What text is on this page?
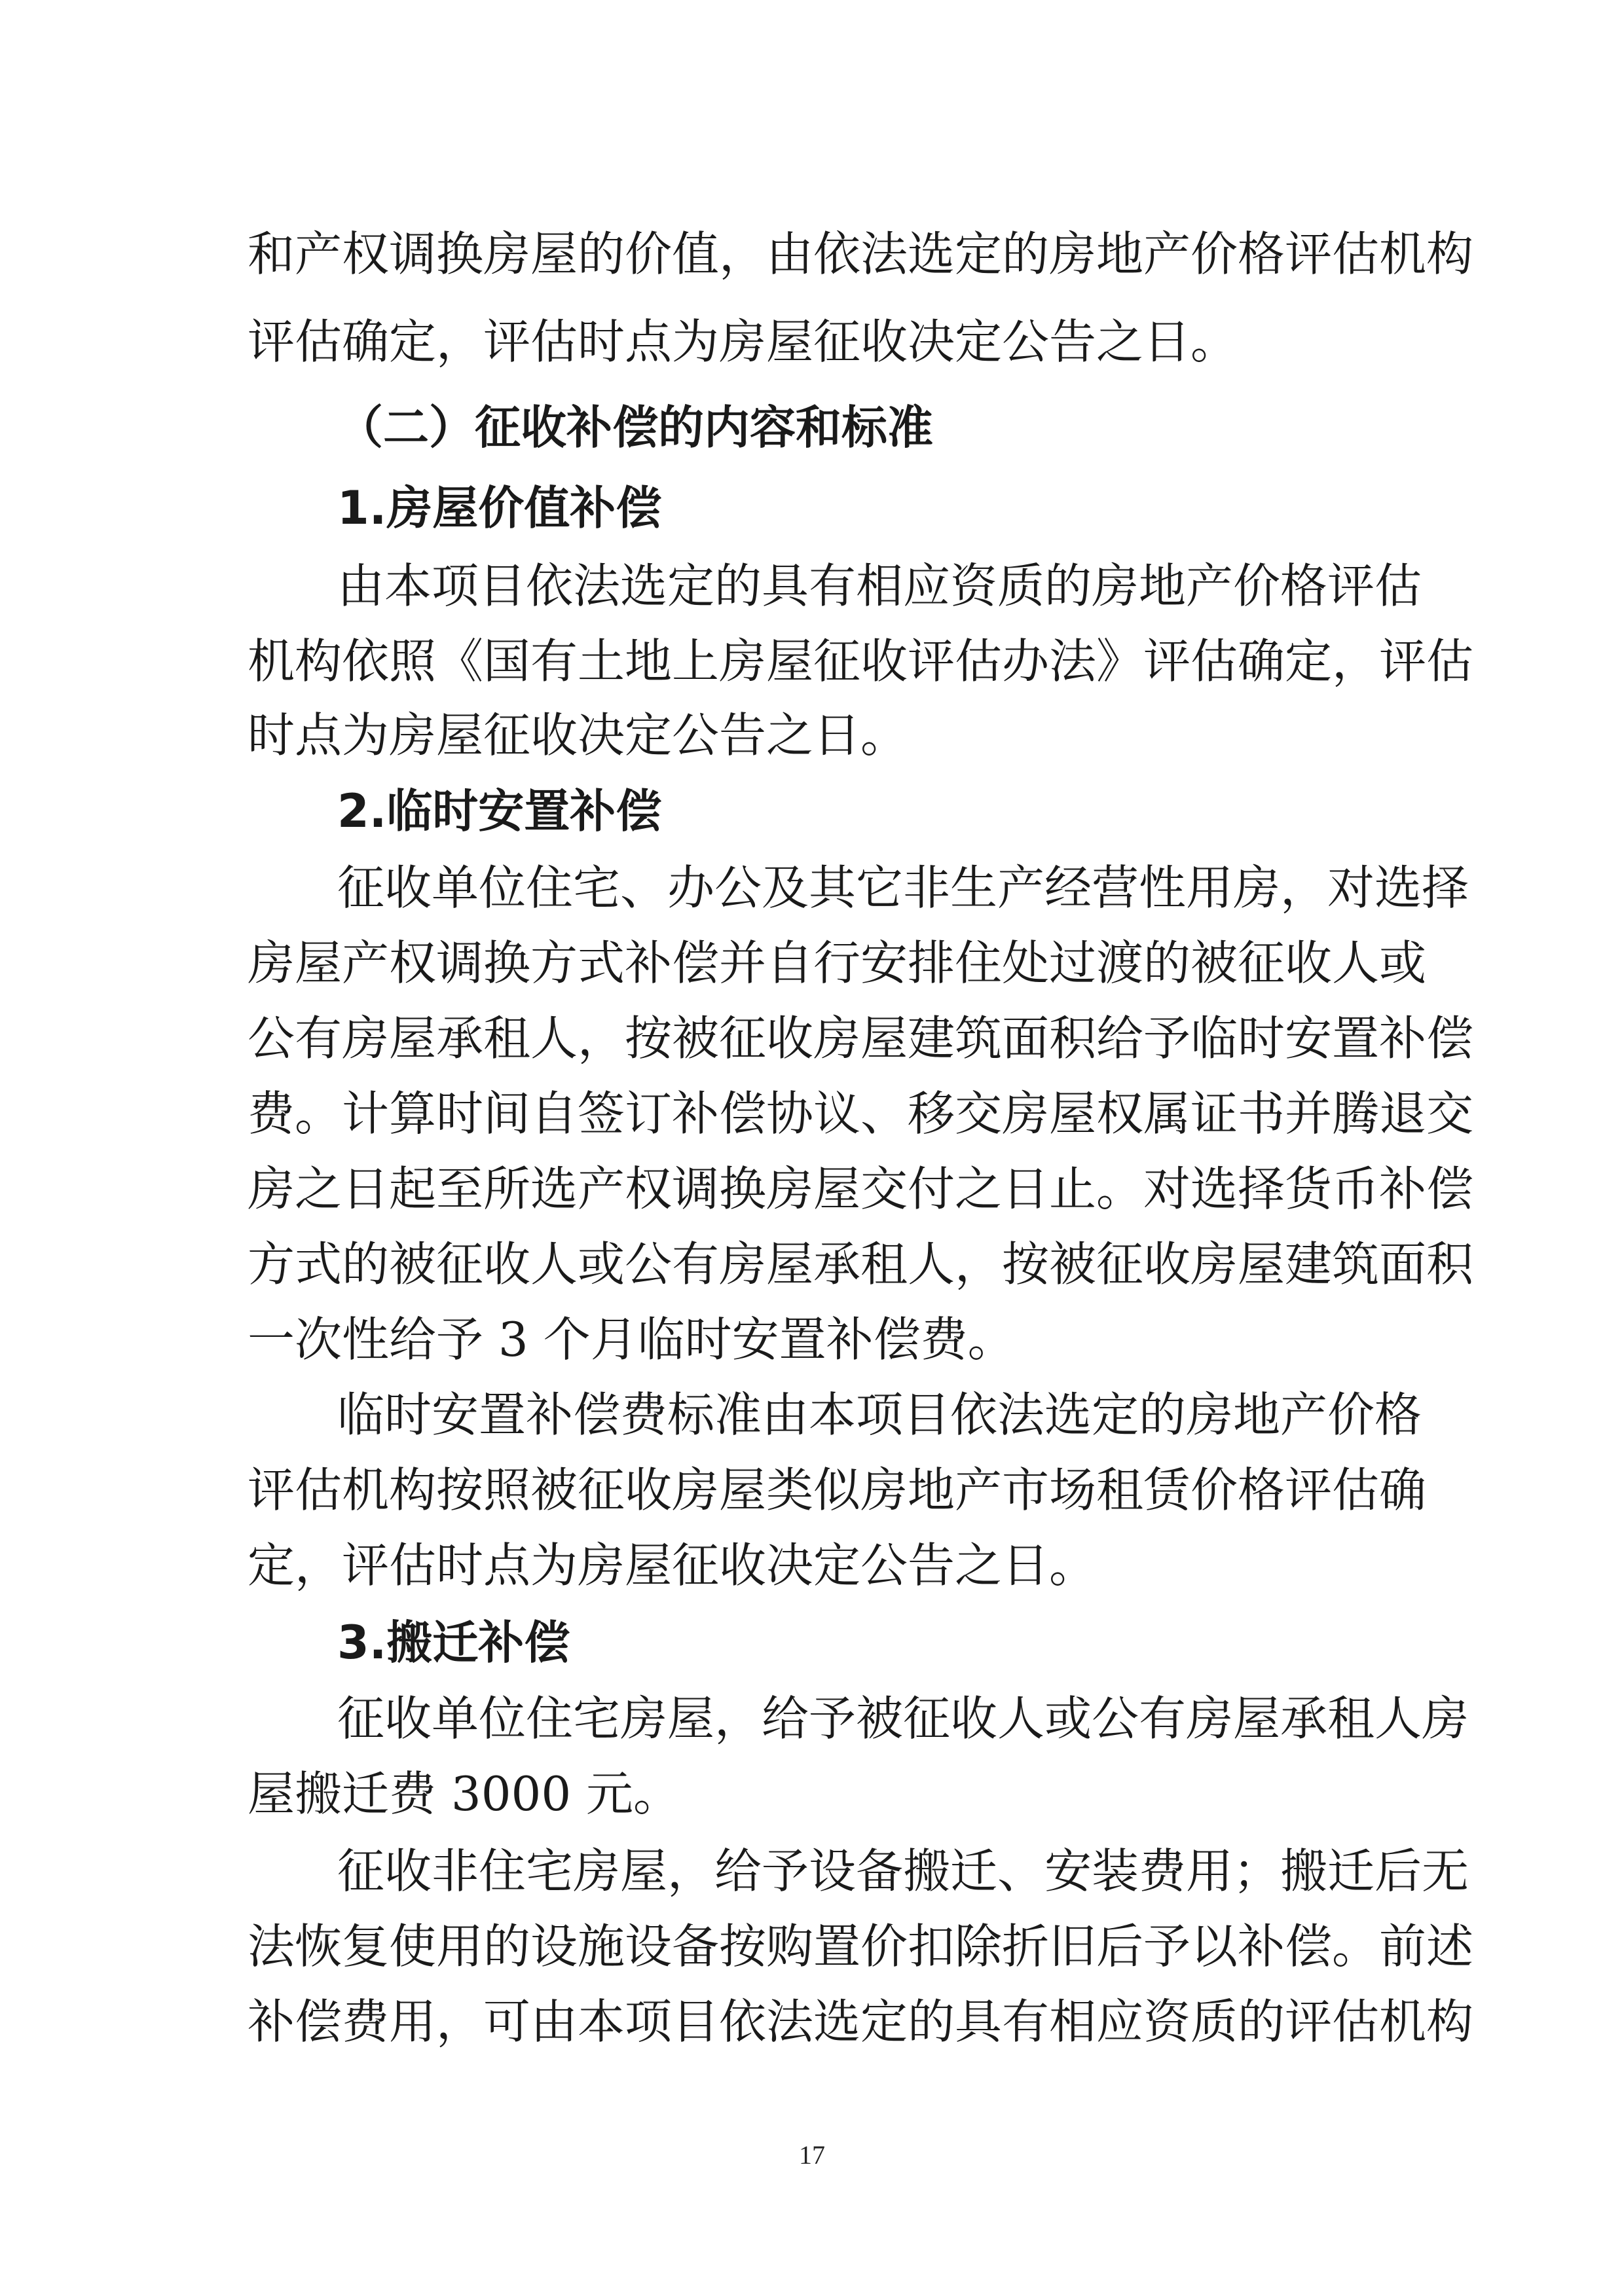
和产权调换房屋的价值，由依法选定的房地产价格评估机构
评估确定，评估时点为房屋征收决定公告之日。
（二）征收补偿的内容和标准
1.房屋价值补偿
由本项目依法选定的具有相应资质的房地产价格评估
机构依照《国有土地上房屋征收评估办法》评估确定，评估
时点为房屋征收决定公告之日。
2.临时安置补偿
征收单位住宅、办公及其它非生产经营性用房，对选择
房屋产权调换方式补偿并自行安排住处过渡的被征收人或
公有房屋承租人，按被征收房屋建筑面积给予临时安置补偿
费。计算时间自签订补偿协议、移交房屋权属证书并腾退交
房之日起至所选产权调换房屋交付之日止。对选择货币补偿
方式的被征收人或公有房屋承租人，按被征收房屋建筑面积
一次性给予 3 个月临时安置补偿费。
临时安置补偿费标准由本项目依法选定的房地产价格
评估机构按照被征收房屋类似房地产市场租赁价格评估确
定，评估时点为房屋征收决定公告之日。
3.搬迁补偿
征收单位住宅房屋，给予被征收人或公有房屋承租人房
屋搬迁费 3000 元。
征收非住宅房屋，给予设备搬迁、安装费用；搬迁后无
法恢复使用的设施设备按购置价扣除折旧后予以补偿。前述
补偿费用，可由本项目依法选定的具有相应资质的评估机构
17
